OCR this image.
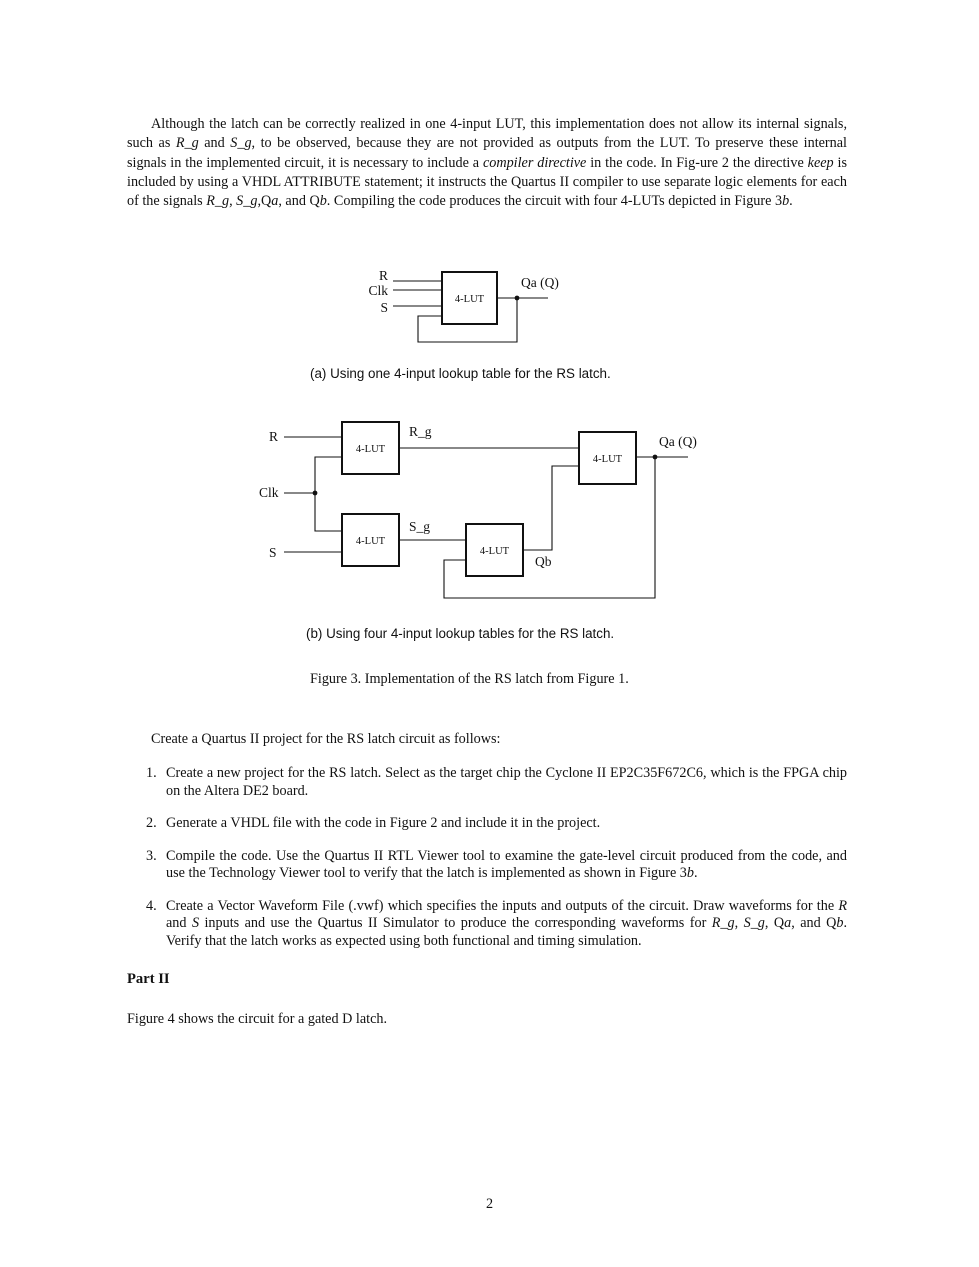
Although the latch can be correctly realized in one 4-input LUT, this implementation does not allow its internal signals, such as R_g and S_g, to be observed, because they are not provided as outputs from the LUT. To preserve these internal signals in the implemented circuit, it is necessary to include a compiler directive in the code. In Fig-ure 2 the directive keep is included by using a VHDL ATTRIBUTE statement; it instructs the Quartus II compiler to use separate logic elements for each of the signals R_g, S_g,Qa, and Qb. Compiling the code produces the circuit with four 4-LUTs depicted in Figure 3b.

R
Clk
S
4-LUT
Qa (Q)
R
Clk
S
4-LUT
4-LUT
4-LUT
4-LUT
R_g
S_g
Qb
Qa (Q)
(a) Using one 4-input lookup table for the RS latch.
(b) Using four 4-input lookup tables for the RS latch.
Figure 3. Implementation of the RS latch from Figure 1.

Create a Quartus II project for the RS latch circuit as follows:

1. Create a new project for the RS latch. Select as the target chip the Cyclone II EP2C35F672C6, which is the FPGA chip on the Altera DE2 board.
2. Generate a VHDL file with the code in Figure 2 and include it in the project.
3. Compile the code. Use the Quartus II RTL Viewer tool to examine the gate-level circuit produced from the code, and use the Technology Viewer tool to verify that the latch is implemented as shown in Figure 3b.
4. Create a Vector Waveform File (.vwf) which specifies the inputs and outputs of the circuit. Draw waveforms for the R and S inputs and use the Quartus II Simulator to produce the corresponding waveforms for R_g, S_g, Qa, and Qb. Verify that the latch works as expected using both functional and timing simulation.
Part II

Figure 4 shows the circuit for a gated D latch.

2
